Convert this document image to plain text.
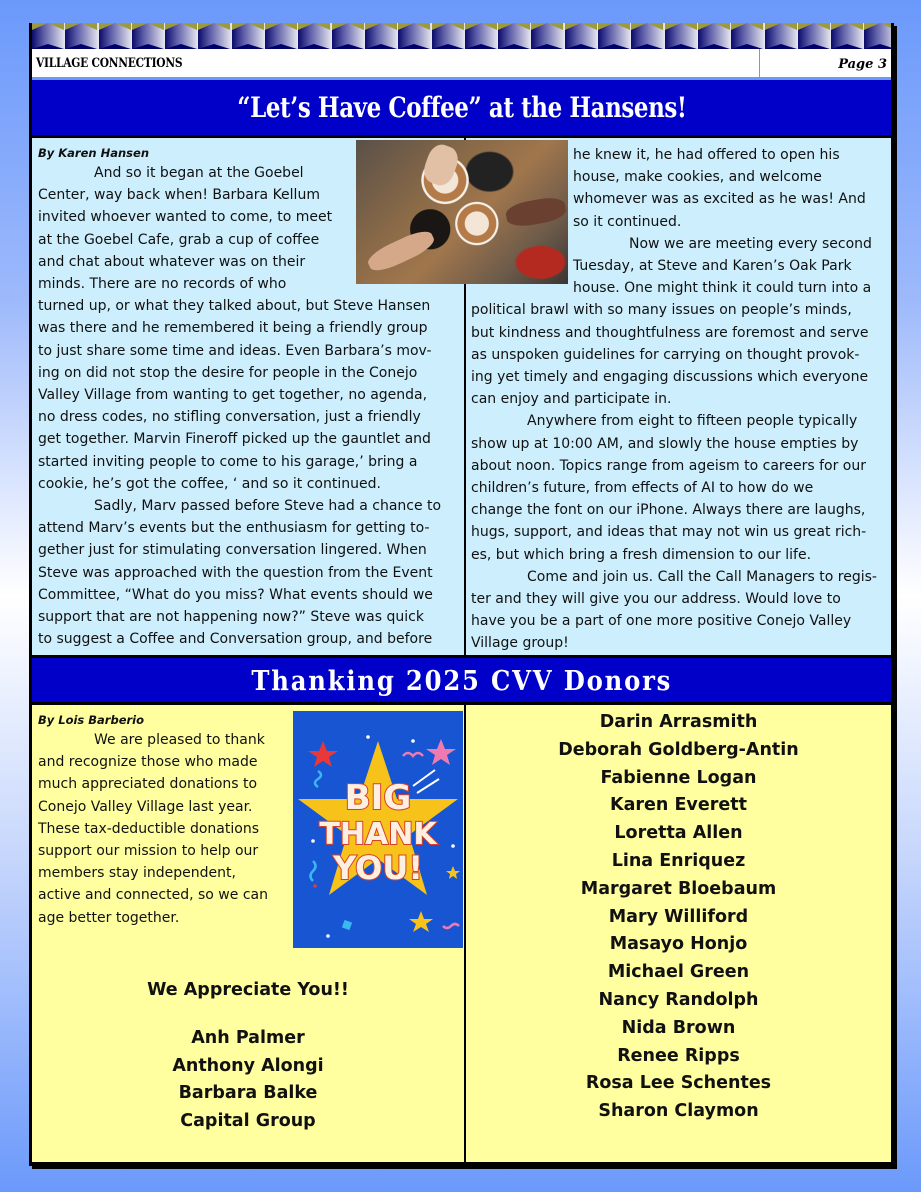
VILLAGE CONNECTIONS	Page 3
“Let’s Have Coffee” at the Hansens!
By Karen Hansen
And so it began at the Goebel
Center, way back when! Barbara Kellum
invited whoever wanted to come, to meet
at the Goebel Cafe, grab a cup of coffee
and chat about whatever was on their
minds. There are no records of who
turned up, or what they talked about, but Steve Hansen
was there and he remembered it being a friendly group
to just share some time and ideas. Even Barbara’s mov-
ing on did not stop the desire for people in the Conejo
Valley Village from wanting to get together, no agenda,
no dress codes, no stifling conversation, just a friendly
get together. Marvin Fineroff picked up the gauntlet and
started inviting people to come to his garage,’ bring a
cookie, he’s got the coffee, ‘ and so it continued.
Sadly, Marv passed before Steve had a chance to
attend Marv’s events but the enthusiasm for getting to-
gether just for stimulating conversation lingered. When
Steve was approached with the question from the Event
Committee, “What do you miss? What events should we
support that are not happening now?” Steve was quick
to suggest a Coffee and Conversation group, and before
he knew it, he had offered to open his
house, make cookies, and welcome
whomever was as excited as he was! And
so it continued.
Now we are meeting every second
Tuesday, at Steve and Karen’s Oak Park
house. One might think it could turn into a
political brawl with so many issues on people’s minds,
but kindness and thoughtfulness are foremost and serve
as unspoken guidelines for carrying on thought provok-
ing yet timely and engaging discussions which everyone
can enjoy and participate in.
Anywhere from eight to fifteen people typically
show up at 10:00 AM, and slowly the house empties by
about noon. Topics range from ageism to careers for our
children’s future, from effects of AI to how do we
change the font on our iPhone. Always there are laughs,
hugs, support, and ideas that may not win us great rich-
es, but which bring a fresh dimension to our life.
Come and join us. Call the Call Managers to regis-
ter and they will give you our address. Would love to
have you be a part of one more positive Conejo Valley
Village group!
Thanking 2025 CVV Donors
By Lois Barberio
We are pleased to thank
and recognize those who made
much appreciated donations to
Conejo Valley Village last year.
These tax-deductible donations
support our mission to help our
members stay independent,
active and connected, so we can
age better together.
BIG
THANK
YOU!
We Appreciate You!!
Anh Palmer
Anthony Alongi
Barbara Balke
Capital Group
Darin Arrasmith
Deborah Goldberg-Antin
Fabienne Logan
Karen Everett
Loretta Allen
Lina Enriquez
Margaret Bloebaum
Mary Williford
Masayo Honjo
Michael Green
Nancy Randolph
Nida Brown
Renee Ripps
Rosa Lee Schentes
Sharon Claymon
